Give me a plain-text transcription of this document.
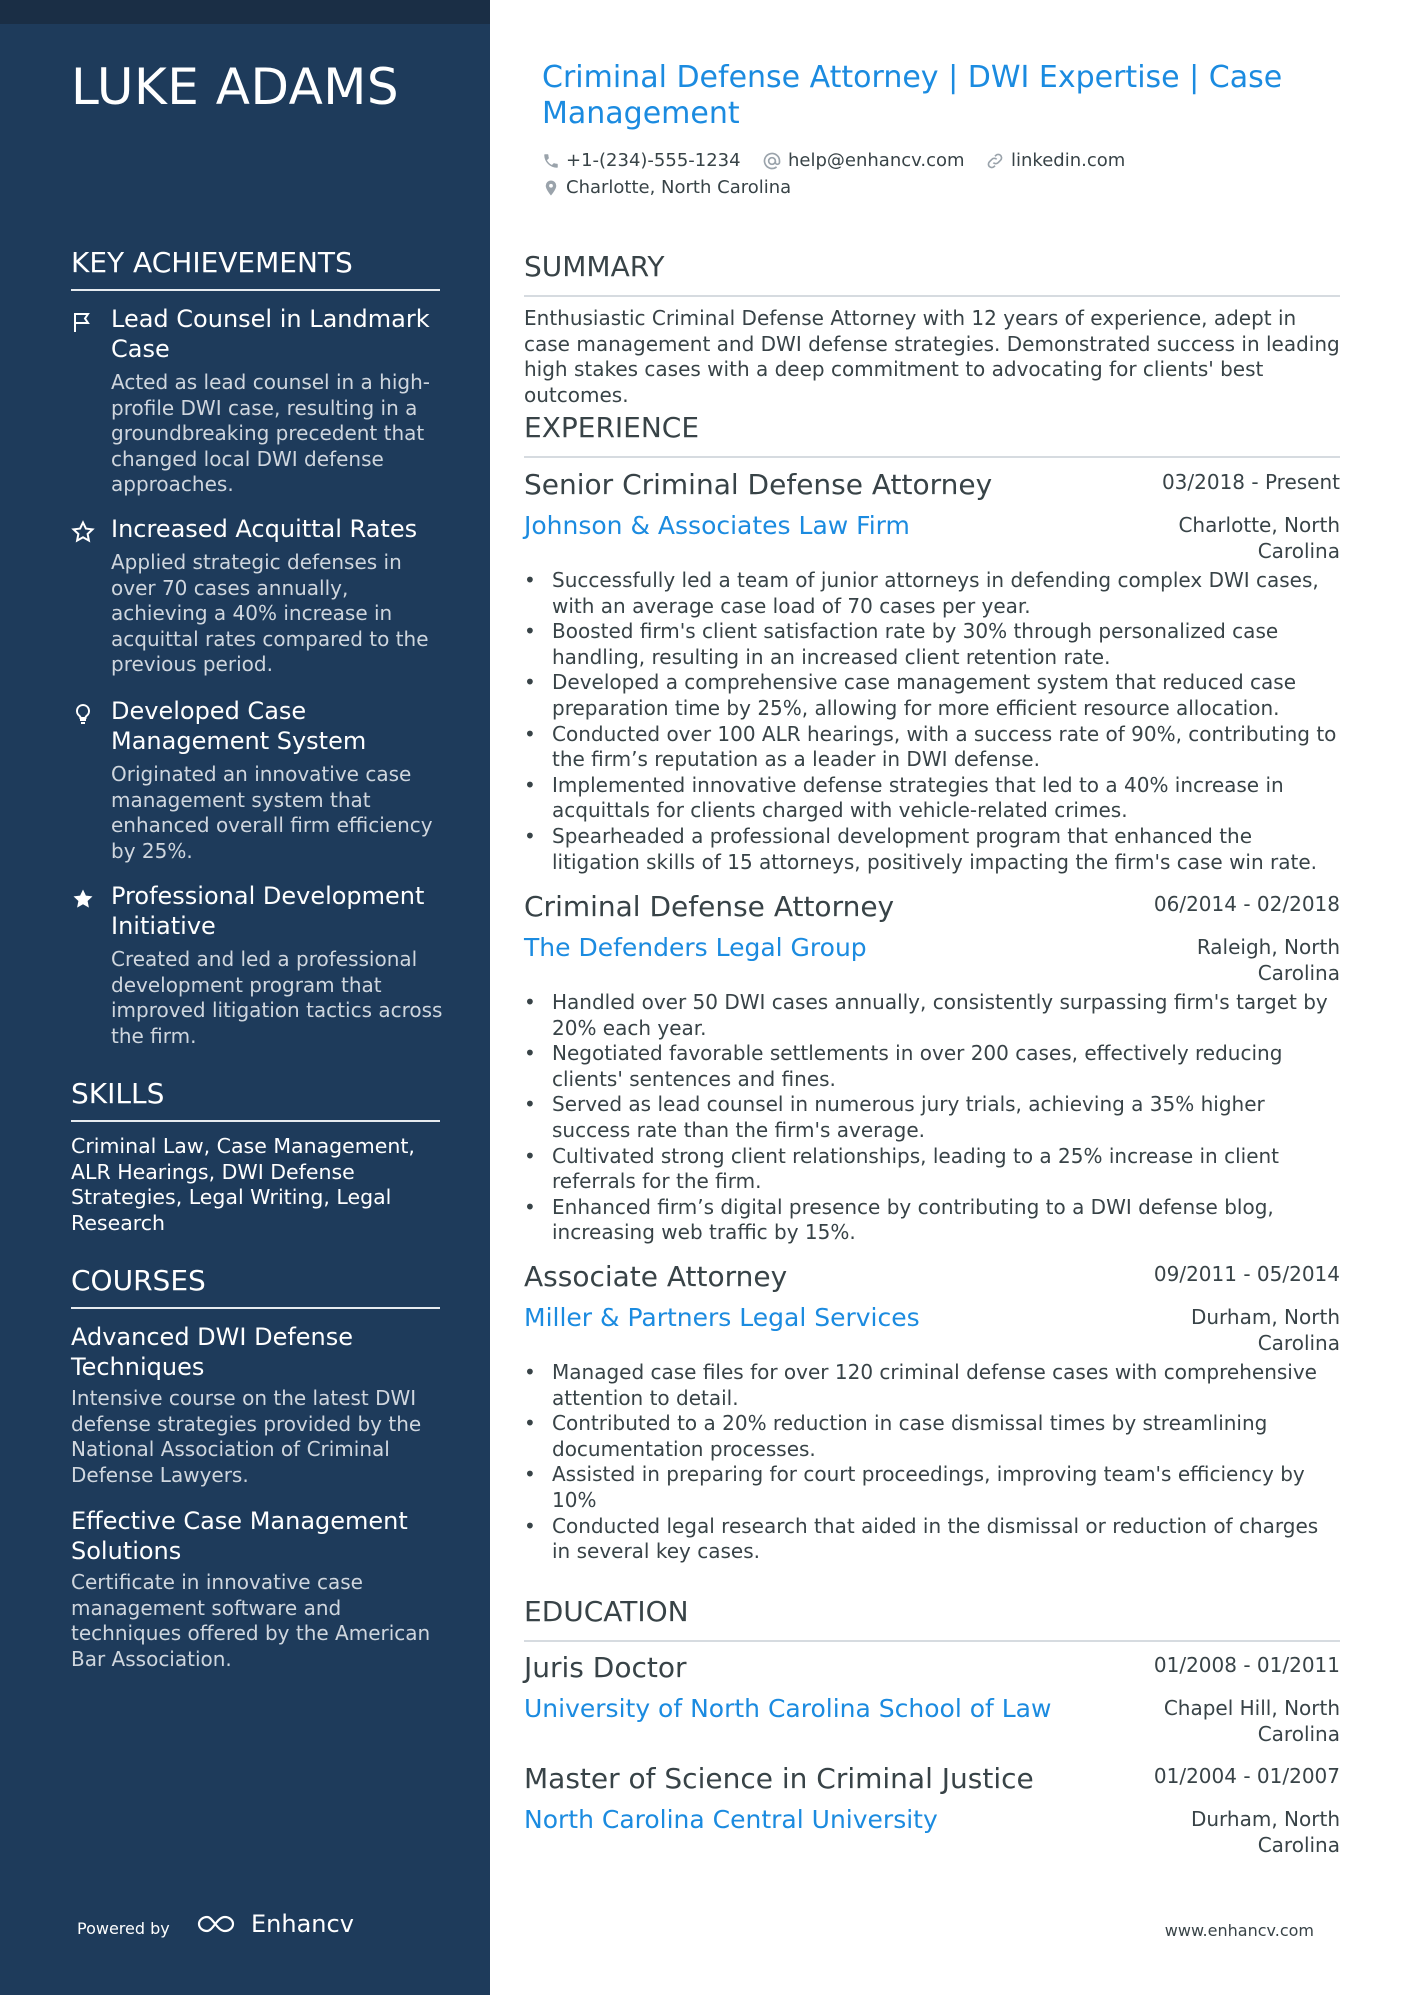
LUKE ADAMS
KEY ACHIEVEMENTS
Lead Counsel in Landmark Case
Acted as lead counsel in a high-profile DWI case, resulting in a groundbreaking precedent that changed local DWI defense approaches.
Increased Acquittal Rates
Applied strategic defenses in over 70 cases annually, achieving a 40% increase in acquittal rates compared to the previous period.
Developed Case Management System
Originated an innovative case management system that enhanced overall firm efficiency by 25%.
Professional Development Initiative
Created and led a professional development program that improved litigation tactics across the firm.
SKILLS
Criminal Law, Case Management, ALR Hearings, DWI Defense Strategies, Legal Writing, Legal Research
COURSES
Advanced DWI Defense Techniques
Intensive course on the latest DWI defense strategies provided by the National Association of Criminal Defense Lawyers.
Effective Case Management Solutions
Certificate in innovative case management software and techniques offered by the American Bar Association.
Powered by	Enhancv
Criminal Defense Attorney | DWI Expertise | Case Management
+1-(234)-555-1234	help@enhancv.com	linkedin.com
Charlotte, North Carolina
SUMMARY
Enthusiastic Criminal Defense Attorney with 12 years of experience, adept in case management and DWI defense strategies. Demonstrated success in leading high stakes cases with a deep commitment to advocating for clients' best outcomes.
EXPERIENCE
Senior Criminal Defense Attorney	03/2018 - Present
Johnson & Associates Law Firm	Charlotte, North Carolina
• Successfully led a team of junior attorneys in defending complex DWI cases, with an average case load of 70 cases per year.
• Boosted firm's client satisfaction rate by 30% through personalized case handling, resulting in an increased client retention rate.
• Developed a comprehensive case management system that reduced case preparation time by 25%, allowing for more efficient resource allocation.
• Conducted over 100 ALR hearings, with a success rate of 90%, contributing to the firm’s reputation as a leader in DWI defense.
• Implemented innovative defense strategies that led to a 40% increase in acquittals for clients charged with vehicle-related crimes.
• Spearheaded a professional development program that enhanced the litigation skills of 15 attorneys, positively impacting the firm's case win rate.
Criminal Defense Attorney	06/2014 - 02/2018
The Defenders Legal Group	Raleigh, North Carolina
• Handled over 50 DWI cases annually, consistently surpassing firm's target by 20% each year.
• Negotiated favorable settlements in over 200 cases, effectively reducing clients' sentences and fines.
• Served as lead counsel in numerous jury trials, achieving a 35% higher success rate than the firm's average.
• Cultivated strong client relationships, leading to a 25% increase in client referrals for the firm.
• Enhanced firm’s digital presence by contributing to a DWI defense blog, increasing web traffic by 15%.
Associate Attorney	09/2011 - 05/2014
Miller & Partners Legal Services	Durham, North Carolina
• Managed case files for over 120 criminal defense cases with comprehensive attention to detail.
• Contributed to a 20% reduction in case dismissal times by streamlining documentation processes.
• Assisted in preparing for court proceedings, improving team's efficiency by 10%
• Conducted legal research that aided in the dismissal or reduction of charges in several key cases.
EDUCATION
Juris Doctor	01/2008 - 01/2011
University of North Carolina School of Law	Chapel Hill, North Carolina
Master of Science in Criminal Justice	01/2004 - 01/2007
North Carolina Central University	Durham, North Carolina
www.enhancv.com
